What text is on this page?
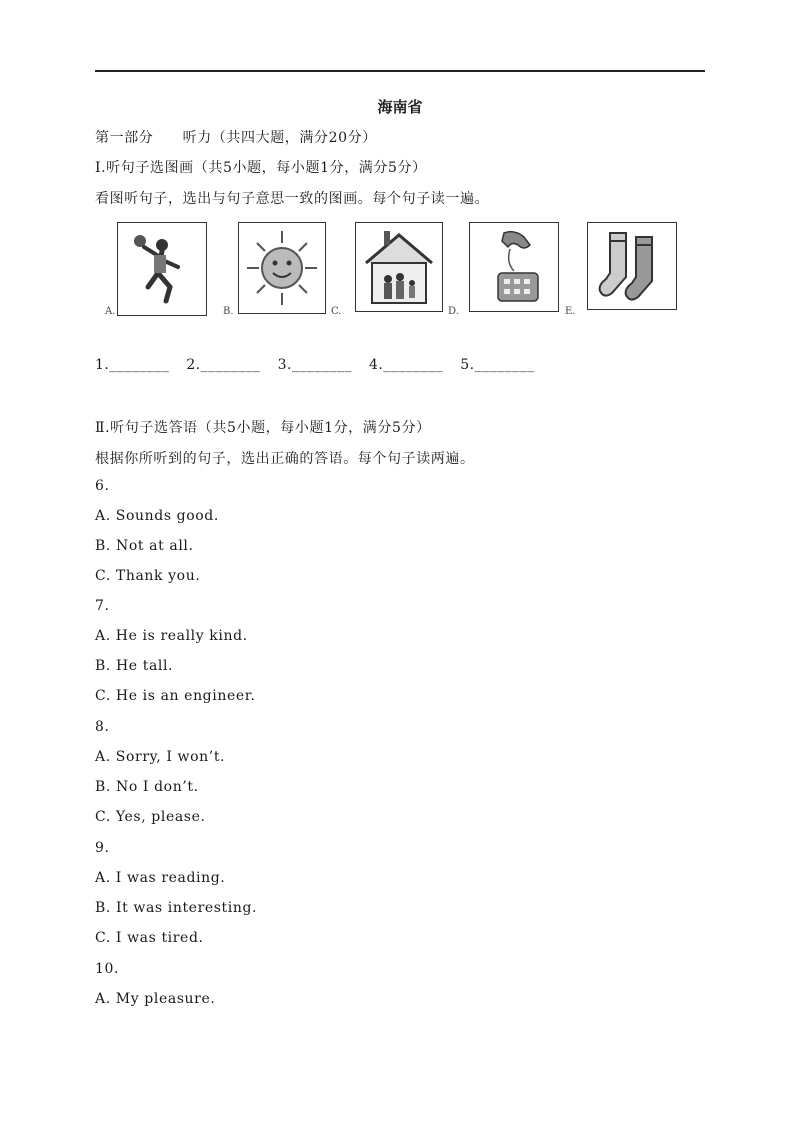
海南省
第一部分　　听力（共四大题，满分20分）
I.听句子选图画（共5小题，每小题1分，满分5分）
看图听句子，选出与句子意思一致的图画。每个句子读一遍。
A.	B.	C.	D.	E.
1.________ 2.________ 3.________ 4.________ 5.________
Ⅱ.听句子选答语（共5小题，每小题1分，满分5分）
根据你所听到的句子，选出正确的答语。每个句子读两遍。
6.
A. Sounds good.
B. Not at all.
C. Thank you.
7.
A. He is really kind.
B. He tall.
C. He is an engineer.
8.
A. Sorry, I won’t.
B. No I don’t.
C. Yes, please.
9.
A. I was reading.
B. It was interesting.
C. I was tired.
10.
A. My pleasure.
